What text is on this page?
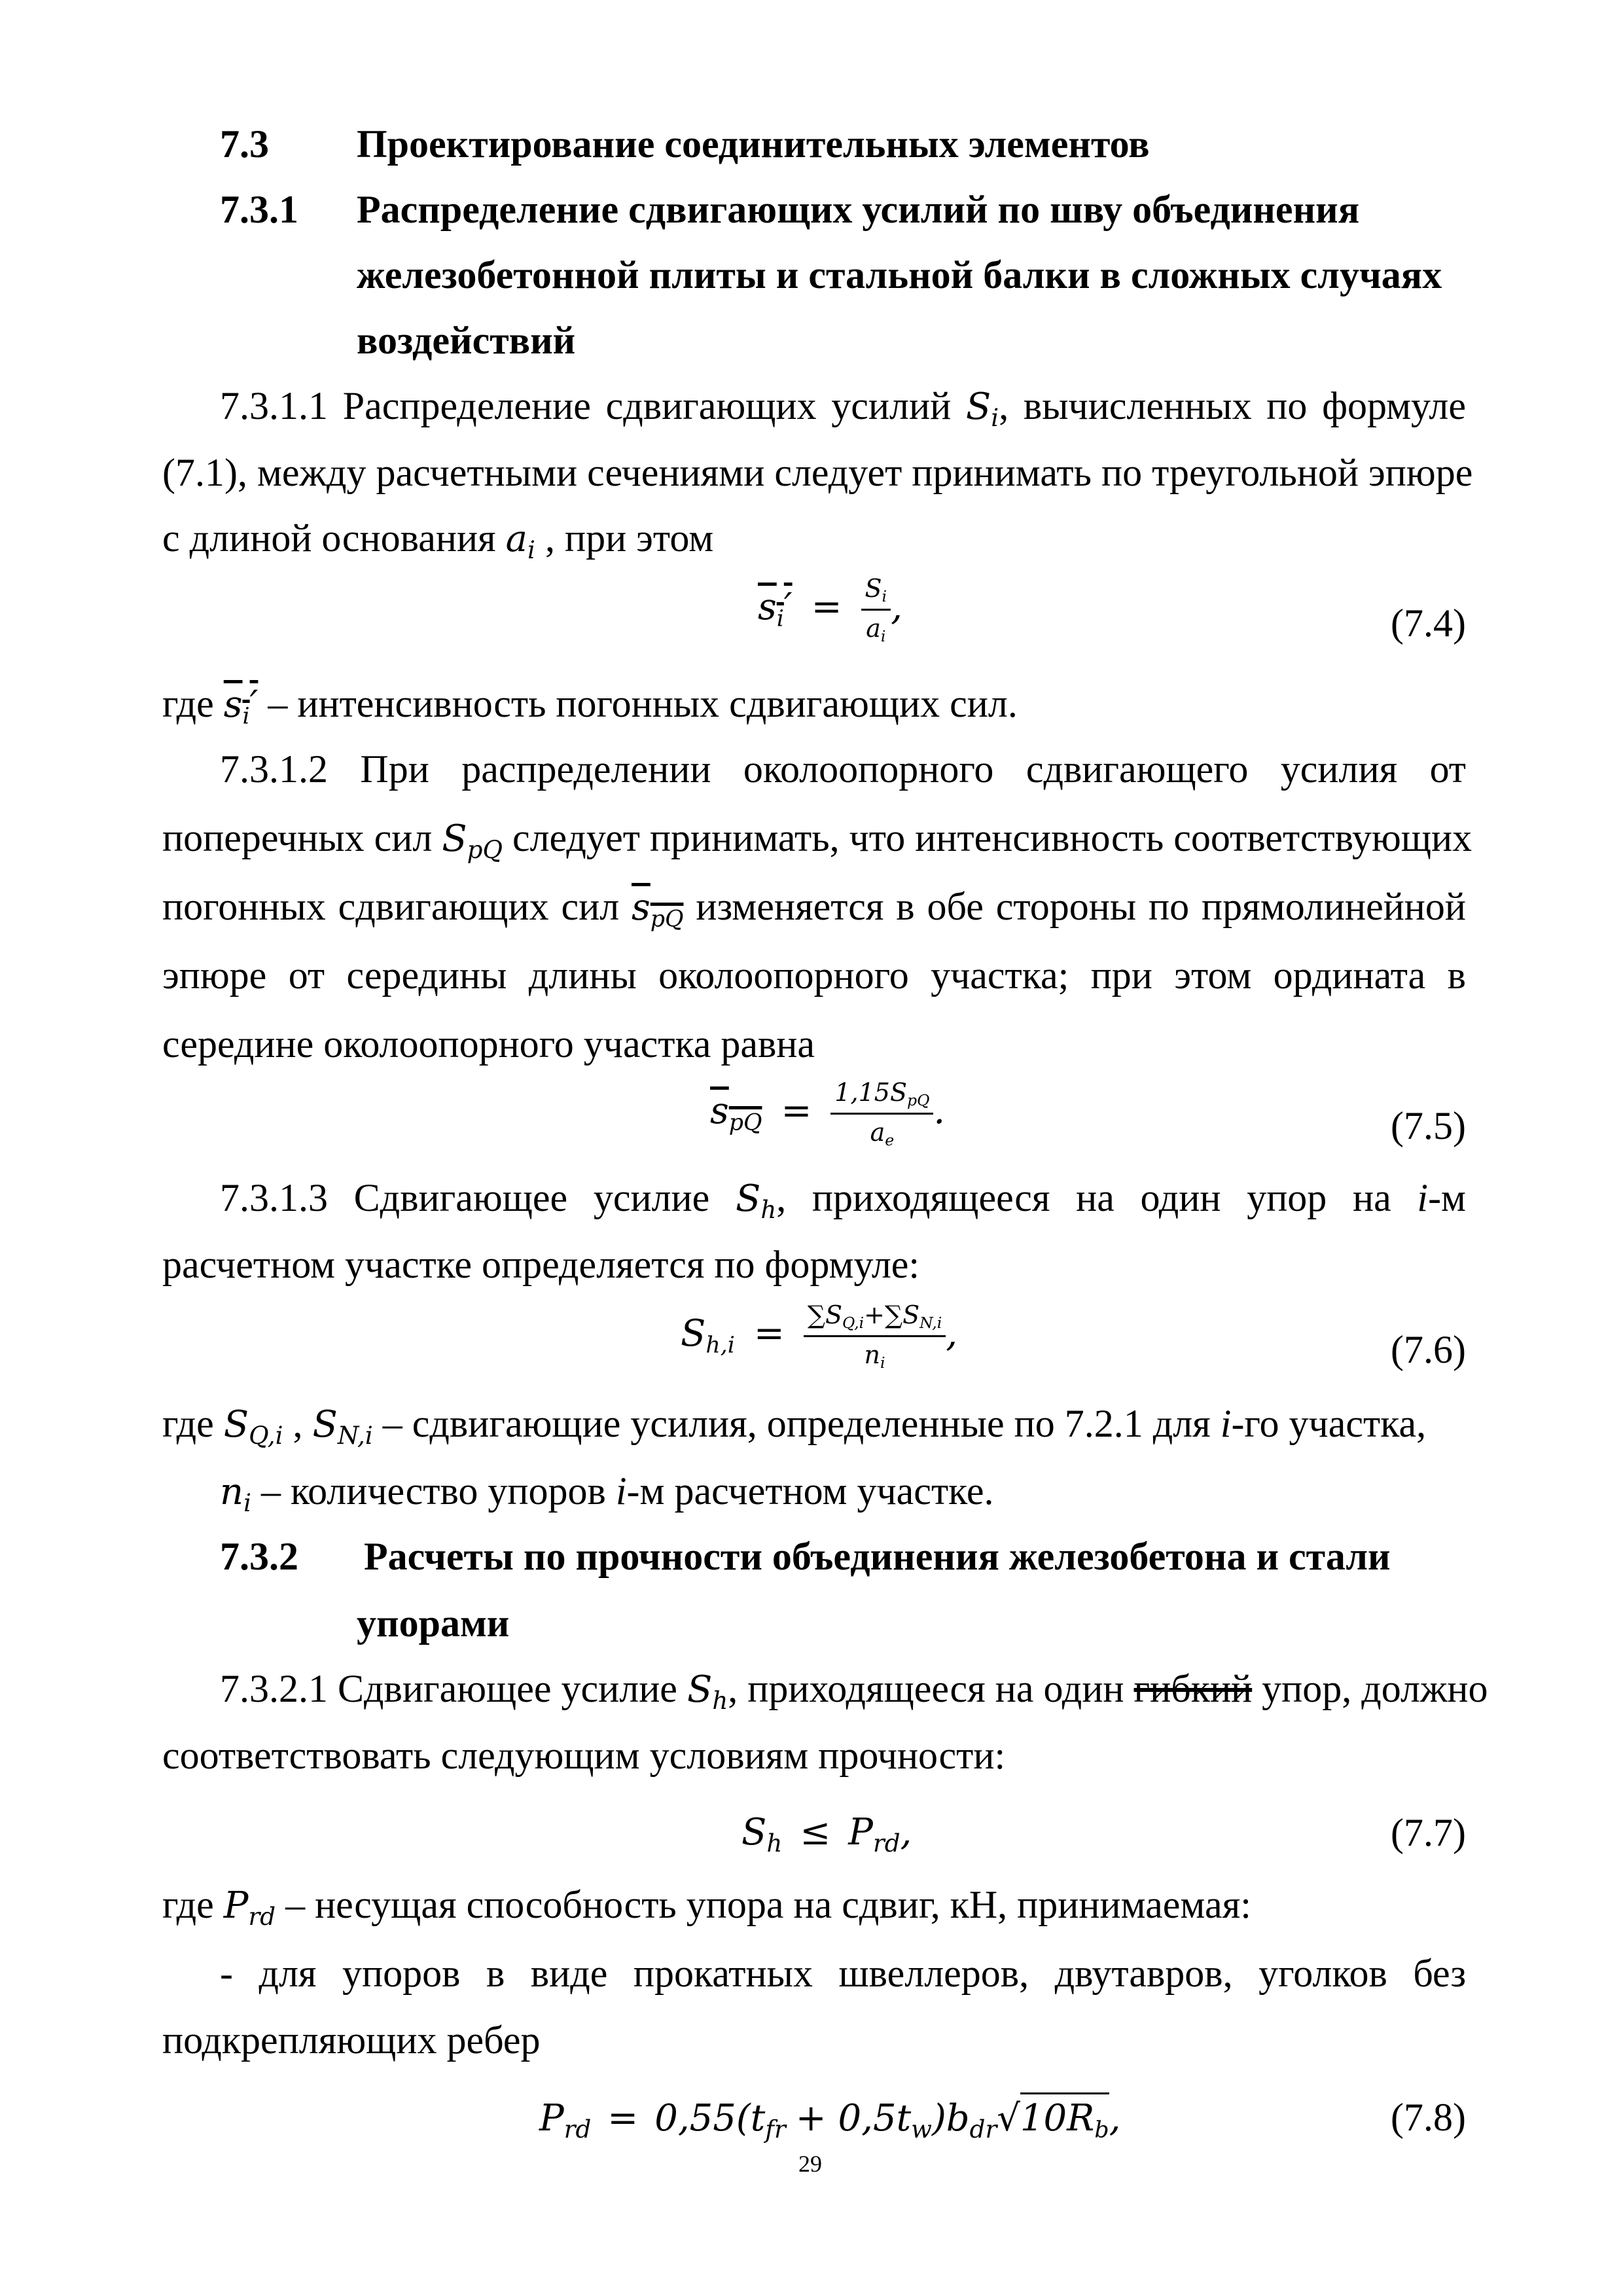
7.3 Проектирование соединительных элементов
7.3.1 Распределение сдвигающих усилий по шву объединения
железобетонной плиты и стальной балки в сложных случаях
воздействий
7.3.1.1 Распределение сдвигающих усилий Si, вычисленных по формуле
(7.1), между расчетными сечениями следует принимать по треугольной эпюре
с длиной основания ai , при этом
$si' = \frac{Si}{ai}$ ,	(7.4)
где si′ – интенсивность погонных сдвигающих сил.
7.3.1.2 При распределении околоопорного сдвигающего усилия от
поперечных сил SpQ следует принимать, что интенсивность соответствующих
погонных сдвигающих сил spQ изменяется в обе стороны по прямолинейной
эпюре от середины длины околоопорного участка; при этом ордината в
середине околоопорного участка равна
spQ = $\frac{\text{1,15SpQ}}{ae}$ .	(7.5)
7.3.1.3 Сдвигающее усилие Sh, приходящееся на один упор на i-м
расчетном участке определяется по формуле:
$Sh,i = \frac{\sum SQ,i+\sum SN,i}{ni}$ ,	(7.6)
где SQ,i , SN,i – сдвигающие усилия, определенные по 7.2.1 для i-го участка,
ni – количество упоров i-м расчетном участке.
7.3.2 Расчеты по прочности объединения железобетона и стали
упорами
7.3.2.1 Сдвигающее усилие Sh, приходящееся на один гибкий упор, должно
соответствовать следующим условиям прочности:
Sh ≤ Prd,	(7.7)
где Prd – несущая способность упора на сдвиг, кН, принимаемая:
- для упоров в виде прокатных швеллеров, двутавров, уголков без
подкрепляющих ребер
Prd = 0,55(tfr + 0,5tw)bdr√10Rb,	(7.8)
29
